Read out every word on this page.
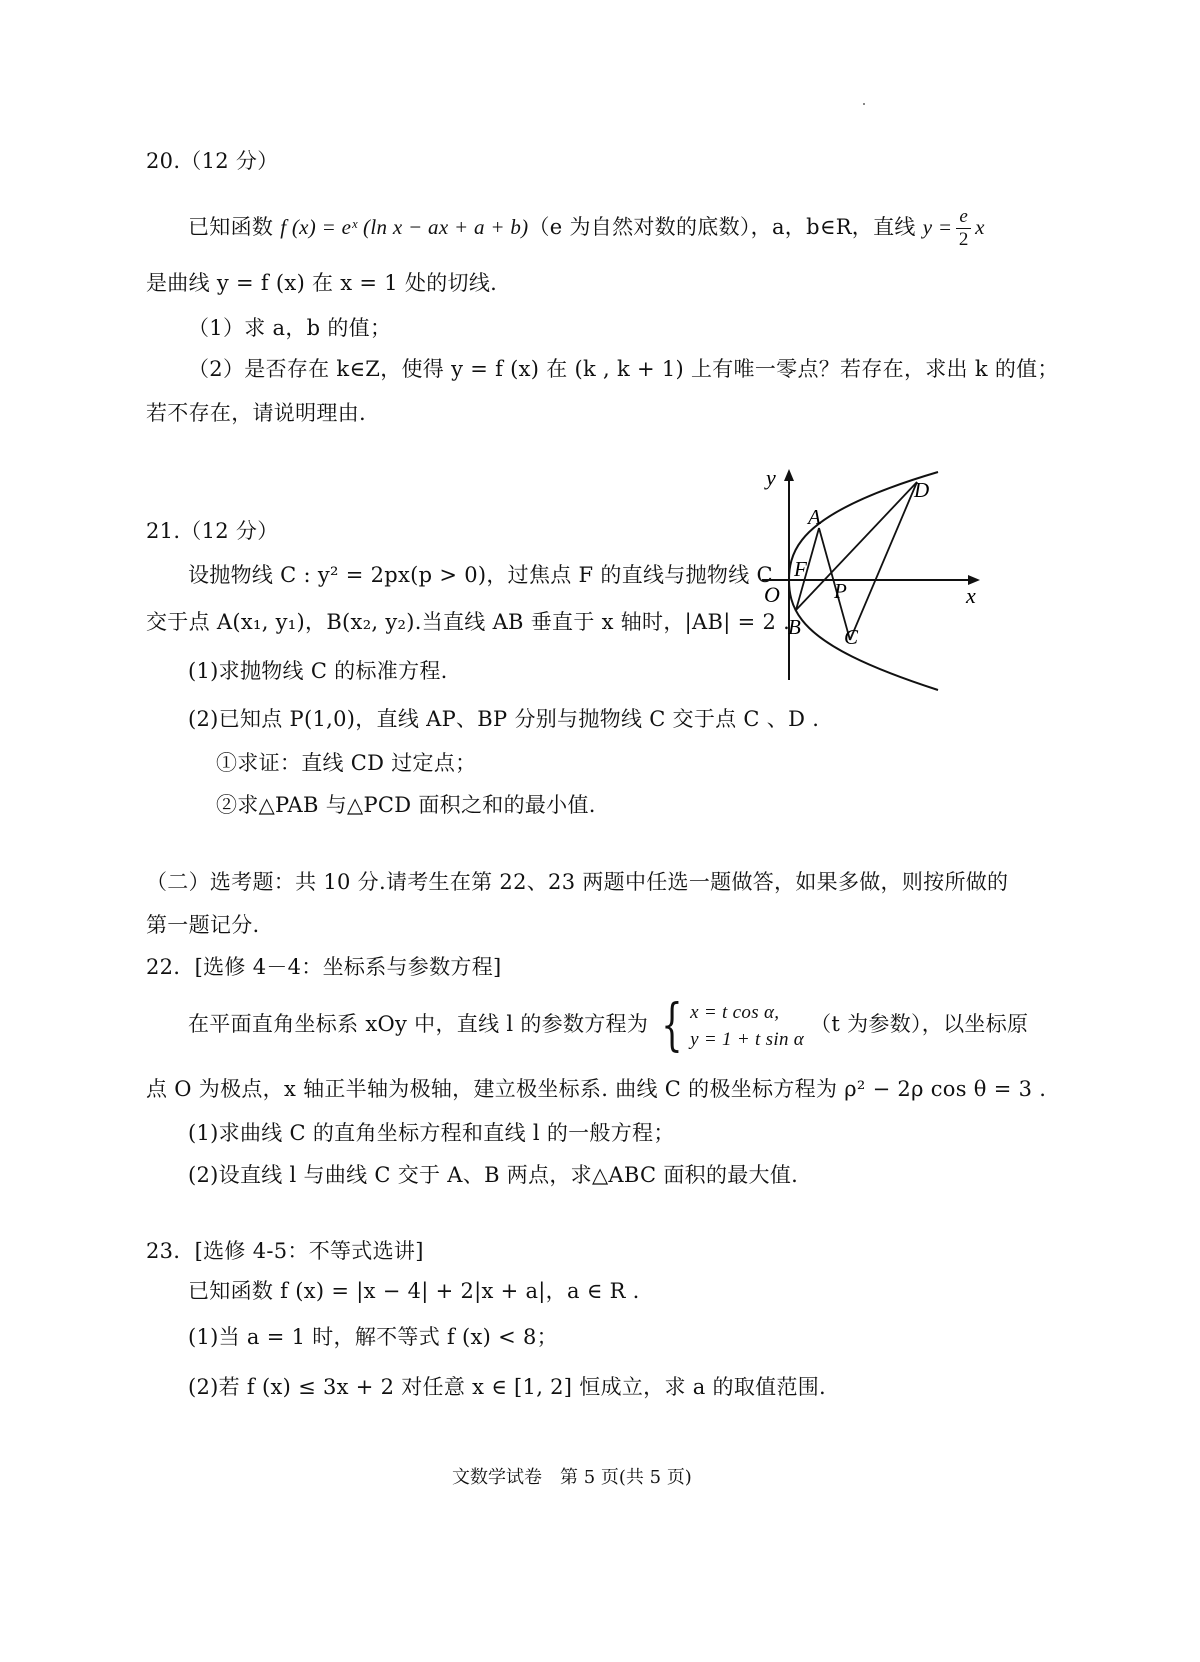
20.（12 分）
已知函数 f (x) = eˣ (ln x − ax + a + b)（e 为自然对数的底数），a，b∈R，直线 $y = \frac{e}{2}$ x
是曲线 y = f (x) 在 x = 1 处的切线.
（1）求 a，b 的值；
（2）是否存在 k∈Z，使得 y = f (x) 在 (k , k + 1) 上有唯一零点？若存在，求出 k 的值；
若不存在，请说明理由.
21.（12 分）
设抛物线 C : y² = 2px(p > 0)，过焦点 F 的直线与抛物线 C
交于点 A(x₁, y₁)，B(x₂, y₂).当直线 AB 垂直于 x 轴时，|AB| = 2 .
(1)求抛物线 C 的标准方程.
(2)已知点 P(1,0)，直线 AP、BP 分别与抛物线 C 交于点 C 、D .
①求证：直线 CD 过定点；
②求△PAB 与△PCD 面积之和的最小值.
y
x
O
A
B C
D
F
P
（二）选考题：共 10 分.请考生在第 22、23 两题中任选一题做答，如果多做，则按所做的
第一题记分.
22．[选修 4－4：坐标系与参数方程]
在平面直角坐标系 xOy 中，直线 l 的参数方程为 { x = t cos α,
y = 1 + t sin α
（t 为参数），以坐标原
点 O 为极点，x 轴正半轴为极轴，建立极坐标系. 曲线 C 的极坐标方程为 ρ² − 2ρ cos θ = 3 .
(1)求曲线 C 的直角坐标方程和直线 l 的一般方程；
(2)设直线 l 与曲线 C 交于 A、B 两点，求△ABC 面积的最大值.
23．[选修 4-5：不等式选讲]
已知函数 f (x) = |x − 4| + 2|x + a|，a ∈ R .
(1)当 a = 1 时，解不等式 f (x) < 8；
(2)若 f (x) ≤ 3x + 2 对任意 x ∈ [1, 2] 恒成立，求 a 的取值范围.
文数学试卷　第 5 页(共 5 页)
